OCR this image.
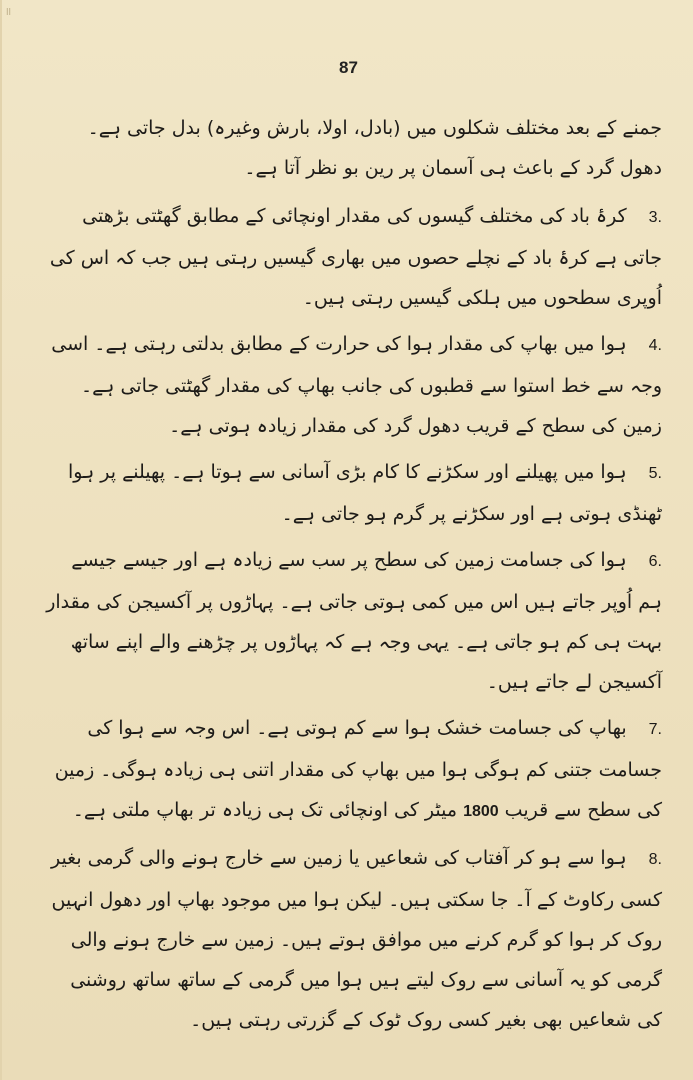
اا
87

جمنے کے بعد مختلف شکلوں میں (بادل، اولا، بارش وغیرہ) بدل جاتی ہے۔ دھول گرد کے باعث ہی آسمان پر رین بو نظر آتا ہے۔

3.کرۂ باد کی مختلف گیسوں کی مقدار اونچائی کے مطابق گھٹتی بڑھتی جاتی ہے کرۂ باد کے نچلے حصوں میں بھاری گیسیں رہتی ہیں جب کہ اس کی اُوپری سطحوں میں ہلکی گیسیں رہتی ہیں۔

4.ہوا میں بھاپ کی مقدار ہوا کی حرارت کے مطابق بدلتی رہتی ہے۔ اسی وجہ سے خط استوا سے قطبوں کی جانب بھاپ کی مقدار گھٹتی جاتی ہے۔ زمین کی سطح کے قریب دھول گرد کی مقدار زیادہ ہوتی ہے۔

5.ہوا میں پھیلنے اور سکڑنے کا کام بڑی آسانی سے ہوتا ہے۔ پھیلنے پر ہوا ٹھنڈی ہوتی ہے اور سکڑنے پر گرم ہو جاتی ہے۔

6.ہوا کی جسامت زمین کی سطح پر سب سے زیادہ ہے اور جیسے جیسے ہم اُوپر جاتے ہیں اس میں کمی ہوتی جاتی ہے۔ پہاڑوں پر آکسیجن کی مقدار بہت ہی کم ہو جاتی ہے۔ یہی وجہ ہے کہ پہاڑوں پر چڑھنے والے اپنے ساتھ آکسیجن لے جاتے ہیں۔

7.بھاپ کی جسامت خشک ہوا سے کم ہوتی ہے۔ اس وجہ سے ہوا کی جسامت جتنی کم ہوگی ہوا میں بھاپ کی مقدار اتنی ہی زیادہ ہوگی۔ زمین کی سطح سے قریب1800میٹر کی اونچائی تک ہی زیادہ تر بھاپ ملتی ہے۔

8.ہوا سے ہو کر آفتاب کی شعاعیں یا زمین سے خارج ہونے والی گرمی بغیر کسی رکاوٹ کے آ۔ جا سکتی ہیں۔ لیکن ہوا میں موجود بھاپ اور دھول انہیں روک کر ہوا کو گرم کرنے میں موافق ہوتے ہیں۔ زمین سے خارج ہونے والی گرمی کو یہ آسانی سے روک لیتے ہیں ہوا میں گرمی کے ساتھ ساتھ روشنی کی شعاعیں بھی بغیر کسی روک ٹوک کے گزرتی رہتی ہیں۔
